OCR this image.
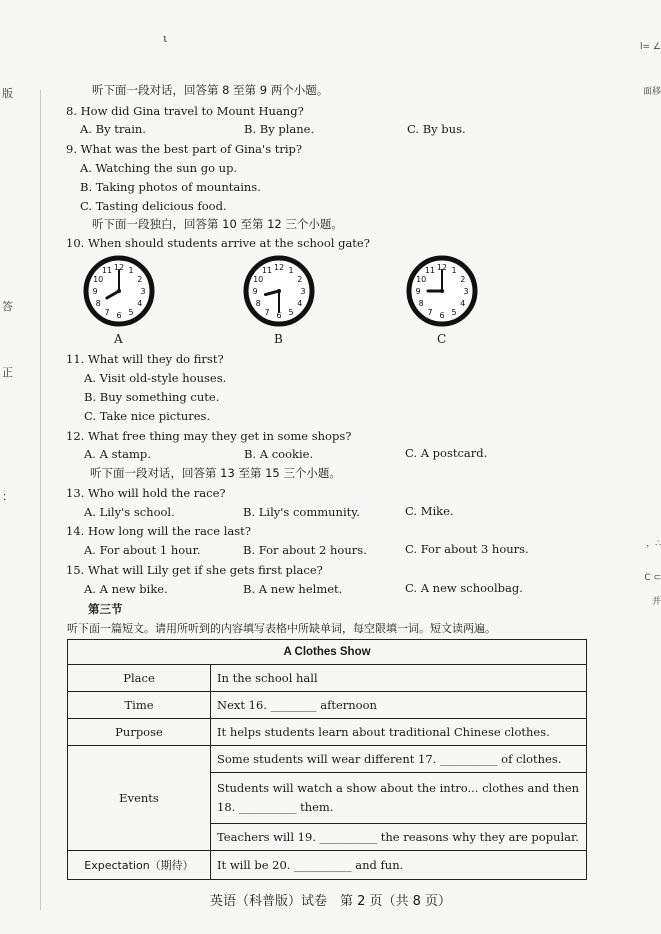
版
答
正
：
ι
l= ∠
面移
，∴
C ⊂
并
听下面一段对话，回答第 8 至第 9 两个小题。
8. How did Gina travel to Mount Huang?
A. By train.	B. By plane.	C. By bus.
9. What was the best part of Gina's trip?
A. Watching the sun go up.
B. Taking photos of mountains.
C. Tasting delicious food.
听下面一段独白，回答第 10 至第 12 三个小题。
10. When should students arrive at the school gate?
1
2
3
4
5
6
7
8
9
10
11 12
A
1
2
3
4
5
6
7
8
9
10
11 12
B
1
2
3
4
5
6
7
8
9
10
11 12
C
11. What will they do first?
A. Visit old-style houses.
B. Buy something cute.
C. Take nice pictures.
12. What free thing may they get in some shops?
A. A stamp.	B. A cookie.	C. A postcard.
听下面一段对话，回答第 13 至第 15 三个小题。
13. Who will hold the race?
A. Lily's school.	B. Lily's community.	C. Mike.
14. How long will the race last?
A. For about 1 hour.	B. For about 2 hours.	C. For about 3 hours.
15. What will Lily get if she gets first place?
A. A new bike.	B. A new helmet.	C. A new schoolbag.
第三节
听下面一篇短文。请用所听到的内容填写表格中所缺单词，每空限填一词。短文读两遍。
A Clothes Show	
Place	In the school hall
Time	Next 16. ________ afternoon
Purpose	It helps students learn about traditional Chinese clothes.
Events	Some students will wear different 17. __________ of clothes.
	Students will watch a show about the intro... clothes and then 18. __________ them.
	Teachers will 19. __________ the reasons why they are popular.
Expectation（期待）	It will be 20. __________ and fun.
英语（科普版）试卷　第 2 页（共 8 页）
